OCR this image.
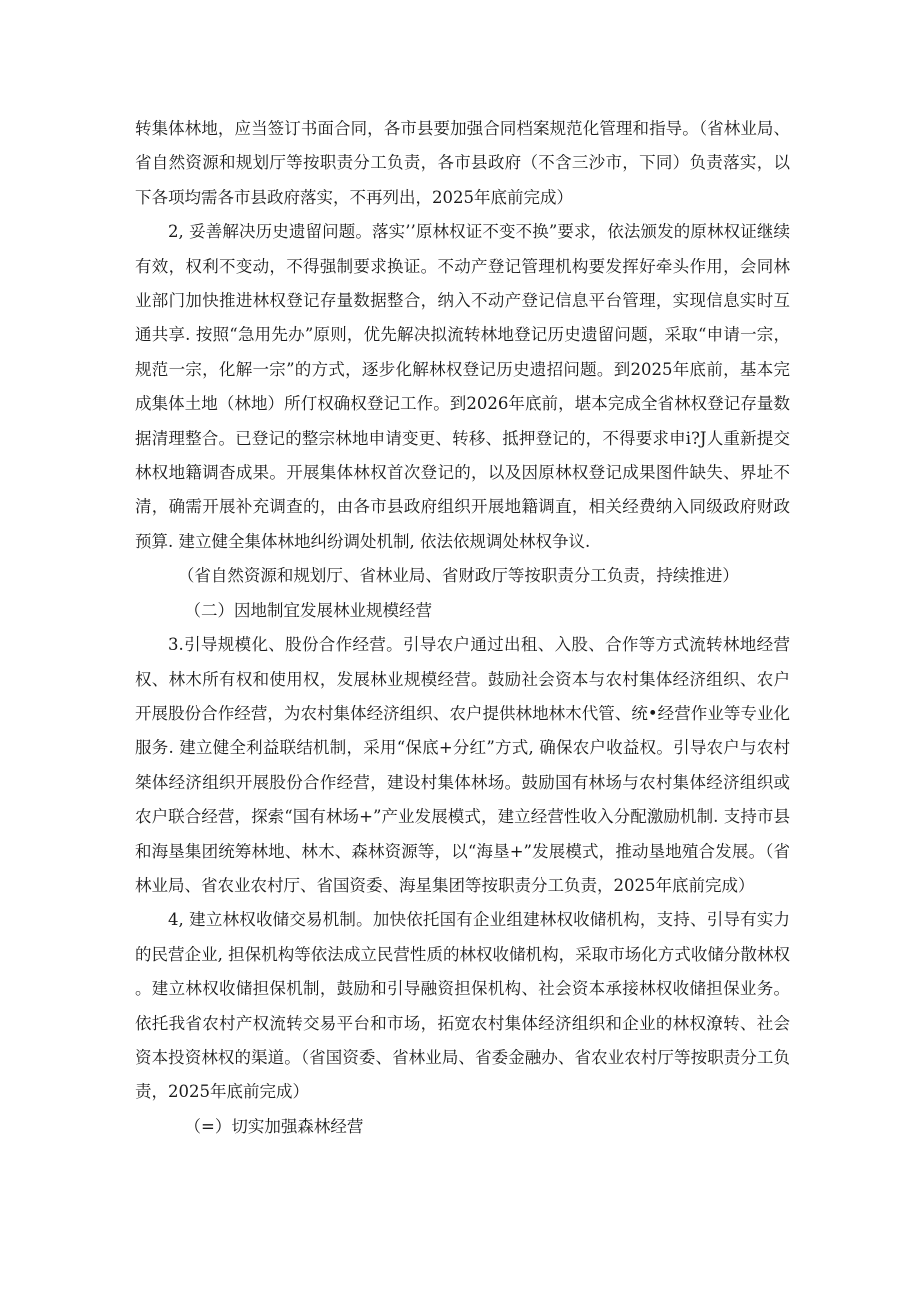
转集体林地，应当签订书面合同，各市县要加强合同档案规范化管理和指导。（省林业局、省自然资源和规划厅等按职责分工负责，各市县政府（不含三沙市，下同）负责落实，以下各项均需各市县政府落实，不再列出，2025年底前完成）

2, 妥善解决历史遗留问题。落实’’原林权证不变不换”要求，依法颁发的原林权证继续有效，权利不变动，不得强制要求换证。不动产登记管理机构要发挥好牵头作用，会同林业部门加快推进林权登记存量数据整合，纳入不动产登记信息平台管理，实现信息实时互通共享. 按照“急用先办”原则，优先解决拟流转林地登记历史遗留问题，采取“申请一宗，规范一宗，化解一宗”的方式，逐步化解林权登记历史遗招问题。到2025年底前，基本完成集体土地（林地）所仃权确权登记工作。到2026年底前，堪本完成全省林权登记存量数据清理整合。已登记的整宗林地申请变更、转移、抵押登记的，不得要求申i?J人重新提交林权地籍调杳成果。开展集体林权首次登记的，以及因原林权登记成果图件缺失、界址不清，确需开展补充调查的，由各市县政府组织开展地籍调直，相关经费纳入同级政府财政预算. 建立健全集体林地纠纷调处机制, 依法依规调处林权争议.

（省自然资源和规划厅、省林业局、省财政厅等按职责分工负责，持续推进）

（二）因地制宜发展林业规模经营

3.引导规模化、股份合作经营。引导农户通过出租、入股、合作等方式流转林地经营权、林木所有权和使用权，发展林业规模经营。鼓励社会资本与农村集体经济组织、农户开展股份合作经营，为农村集体经济组织、农户提供林地林木代管、统•经营作业等专业化服务. 建立健全利益联结机制，采用“保底+分红”方式, 确保农户收益权。引导农户与农村桀体经济组织开展股份合作经营，建设村集体林场。鼓励国有林场与农村集体经济组织或农户联合经营，探索“国有林场+”产业发展模式，建立经营性收入分配激励机制. 支持市县和海垦集团统筹林地、林木、森林资源等，以“海垦+”发展模式，推动垦地殖合发展。（省林业局、省农业农村厅、省国资委、海星集团等按职责分工负责，2025年底前完成）

4, 建立林权收储交易机制。加快依托国有企业组建林权收储机构，支持、引导有实力的民营企业, 担保机构等依法成立民营性质的林权收储机构，采取市场化方式收储分散林权。建立林权收储担保机制，鼓励和引导融资担保机构、社会资本承接林权收储担保业务。依托我省农村产权流转交易平台和市场，拓宽农村集体经济组织和企业的林权潦转、社会资本投资林权的渠道。（省国资委、省林业局、省委金融办、省农业农村厅等按职责分工负责，2025年底前完成）

（=）切实加强森林经营
